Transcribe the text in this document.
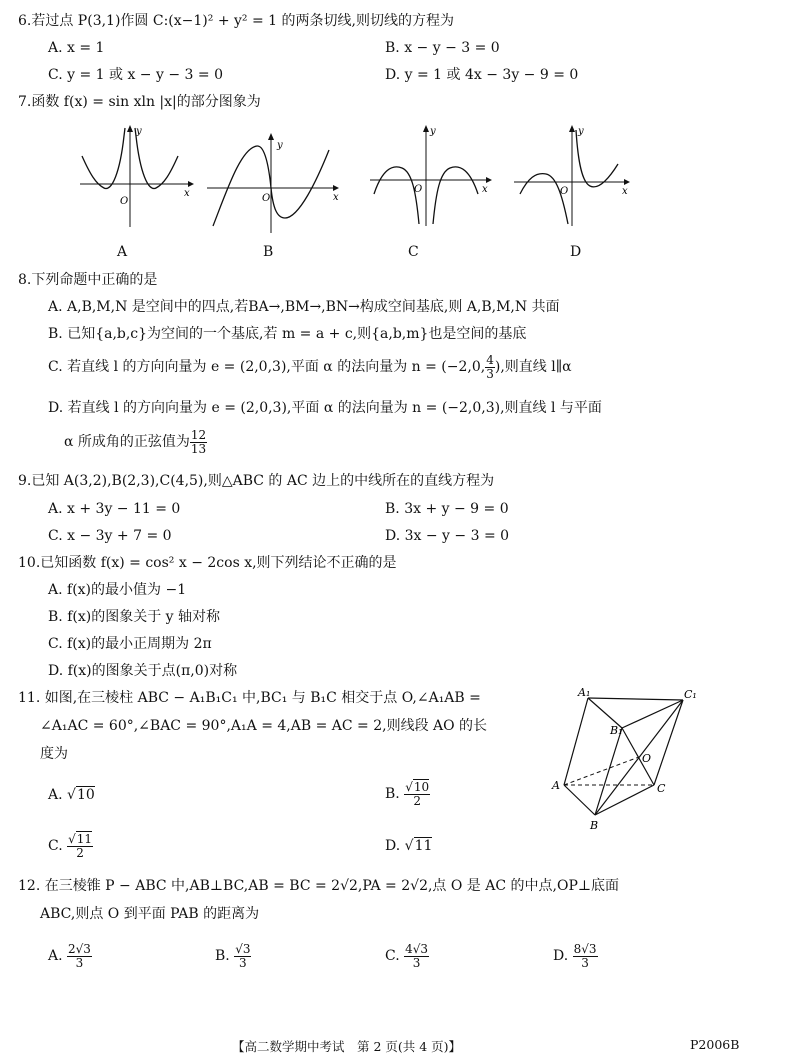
6.若过点 P(3,1)作圆 C:(x−1)² + y² = 1 的两条切线,则切线的方程为
A. x = 1	B. x − y − 3 = 0
C. y = 1 或 x − y − 3 = 0	D. y = 1 或 4x − 3y − 9 = 0
7.函数 f(x) = sin xln |x|的部分图象为
y
x
O
y
x
O
y
x
O
y
x
O
A	B	C	D
8.下列命题中正确的是
A. A,B,M,N 是空间中的四点,若BA→,BM→,BN→构成空间基底,则 A,B,M,N 共面
B. 已知{a,b,c}为空间的一个基底,若 m = a + c,则{a,b,m}也是空间的基底
C. 若直线 l 的方向向量为 e = (2,0,3),平面 α 的法向量为 n = (−2,0, $\frac{4}{3}$ ),则直线 l∥α
D. 若直线 l 的方向向量为 e = (2,0,3),平面 α 的法向量为 n = (−2,0,3),则直线 l 与平面
α 所成角的正弦值为 $\frac{12}{13}$
9.已知 A(3,2),B(2,3),C(4,5),则△ABC 的 AC 边上的中线所在的直线方程为
A. x + 3y − 11 = 0	B. 3x + y − 9 = 0
C. x − 3y + 7 = 0	D. 3x − y − 3 = 0
10.已知函数 f(x) = cos² x − 2cos x,则下列结论不正确的是
A. f(x)的最小值为 −1
B. f(x)的图象关于 y 轴对称
C. f(x)的最小正周期为 2π
D. f(x)的图象关于点(π,0)对称
11. 如图,在三棱柱 ABC − A₁B₁C₁ 中,BC₁ 与 B₁C 相交于点 O,∠A₁AB =
∠A₁AC = 60°,∠BAC = 90°,A₁A = 4,AB = AC = 2,则线段 AO 的长
度为
A. √10	B. $\frac{√10}{2}$
C. $\frac{√11}{2}$	D. √11
A₁	C₁
B₁
O
A	C
B
12. 在三棱锥 P − ABC 中,AB⊥BC,AB = BC = 2√2,PA = 2√2,点 O 是 AC 的中点,OP⊥底面
ABC,则点 O 到平面 PAB 的距离为
A. $\frac{2√3}{3}$	B. $\frac{√3}{3}$	C. $\frac{4√3}{3}$	D. $\frac{8√3}{3}$
【高二数学期中考试　第 2 页(共 4 页)】	P2006B
